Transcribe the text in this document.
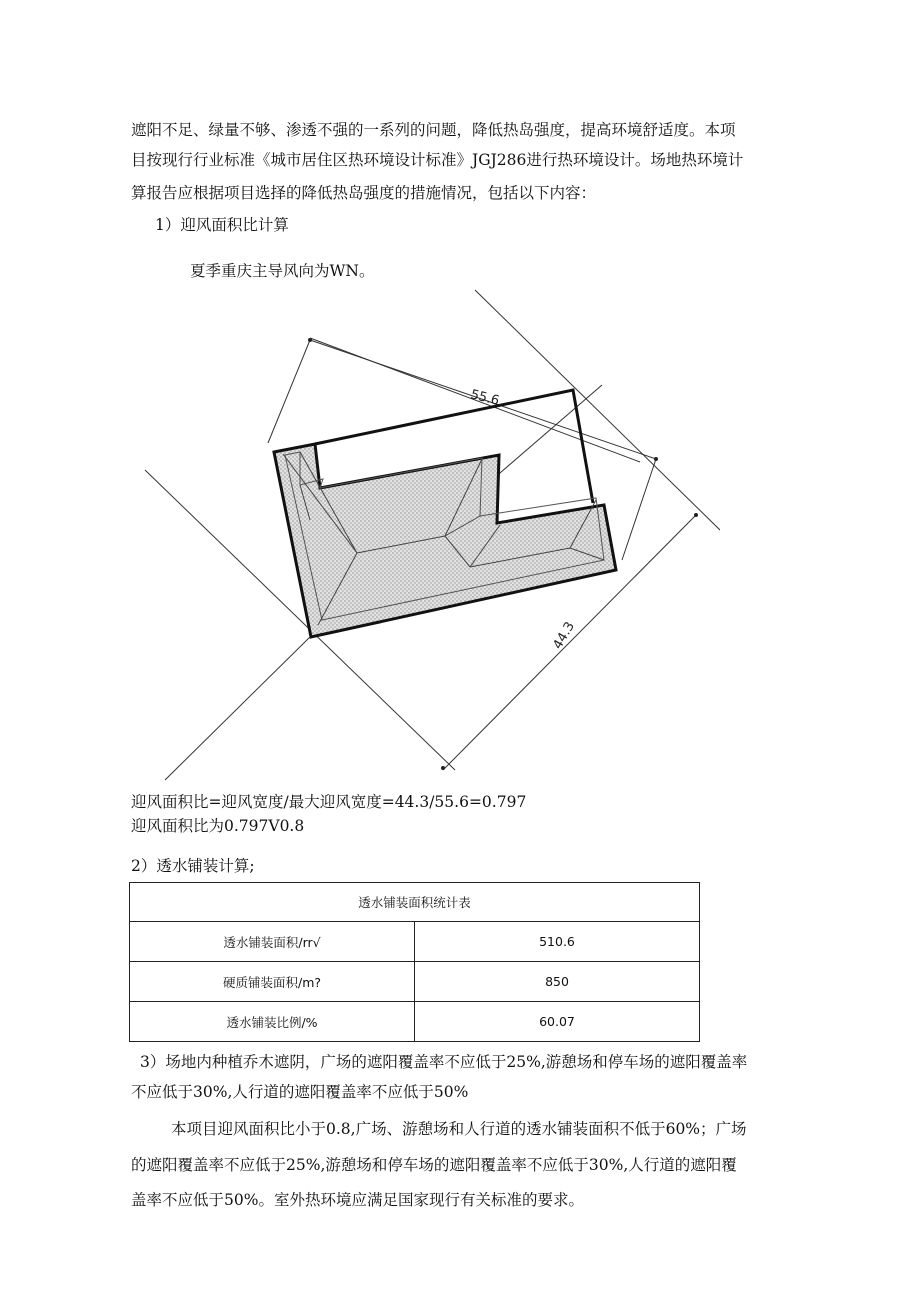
遮阳不足、绿量不够、渗透不强的一系列的问题，降低热岛强度，提高环境舒适度。本项
目按现行行业标准《城市居住区热环境设计标准》JGJ286进行热环境设计。场地热环境计
算报告应根据项目选择的降低热岛强度的措施情况，包括以下内容：
1）迎风面积比计算
夏季重庆主导风向为WN。
55.6
44.3
迎风面积比=迎风宽度/最大迎风宽度=44.3/55.6=0.797
迎风面积比为0.797V0.8
2）透水铺装计算;
透水铺装面积统计表	
透水铺装面积∕rr√	510.6
硬质铺装面积/m?	850
透水铺装比例/%	60.07
3）场地内种植乔木遮阴，广场的遮阳覆盖率不应低于25%,游憩场和停车场的遮阳覆盖率
不应低于30%,人行道的遮阳覆盖率不应低于50%
本项目迎风面积比小于0.8,广场、游憩场和人行道的透水铺装面积不低于60%；广场
的遮阳覆盖率不应低于25%,游憩场和停车场的遮阳覆盖率不应低于30%,人行道的遮阳覆
盖率不应低于50%。室外热环境应满足国家现行有关标准的要求。
